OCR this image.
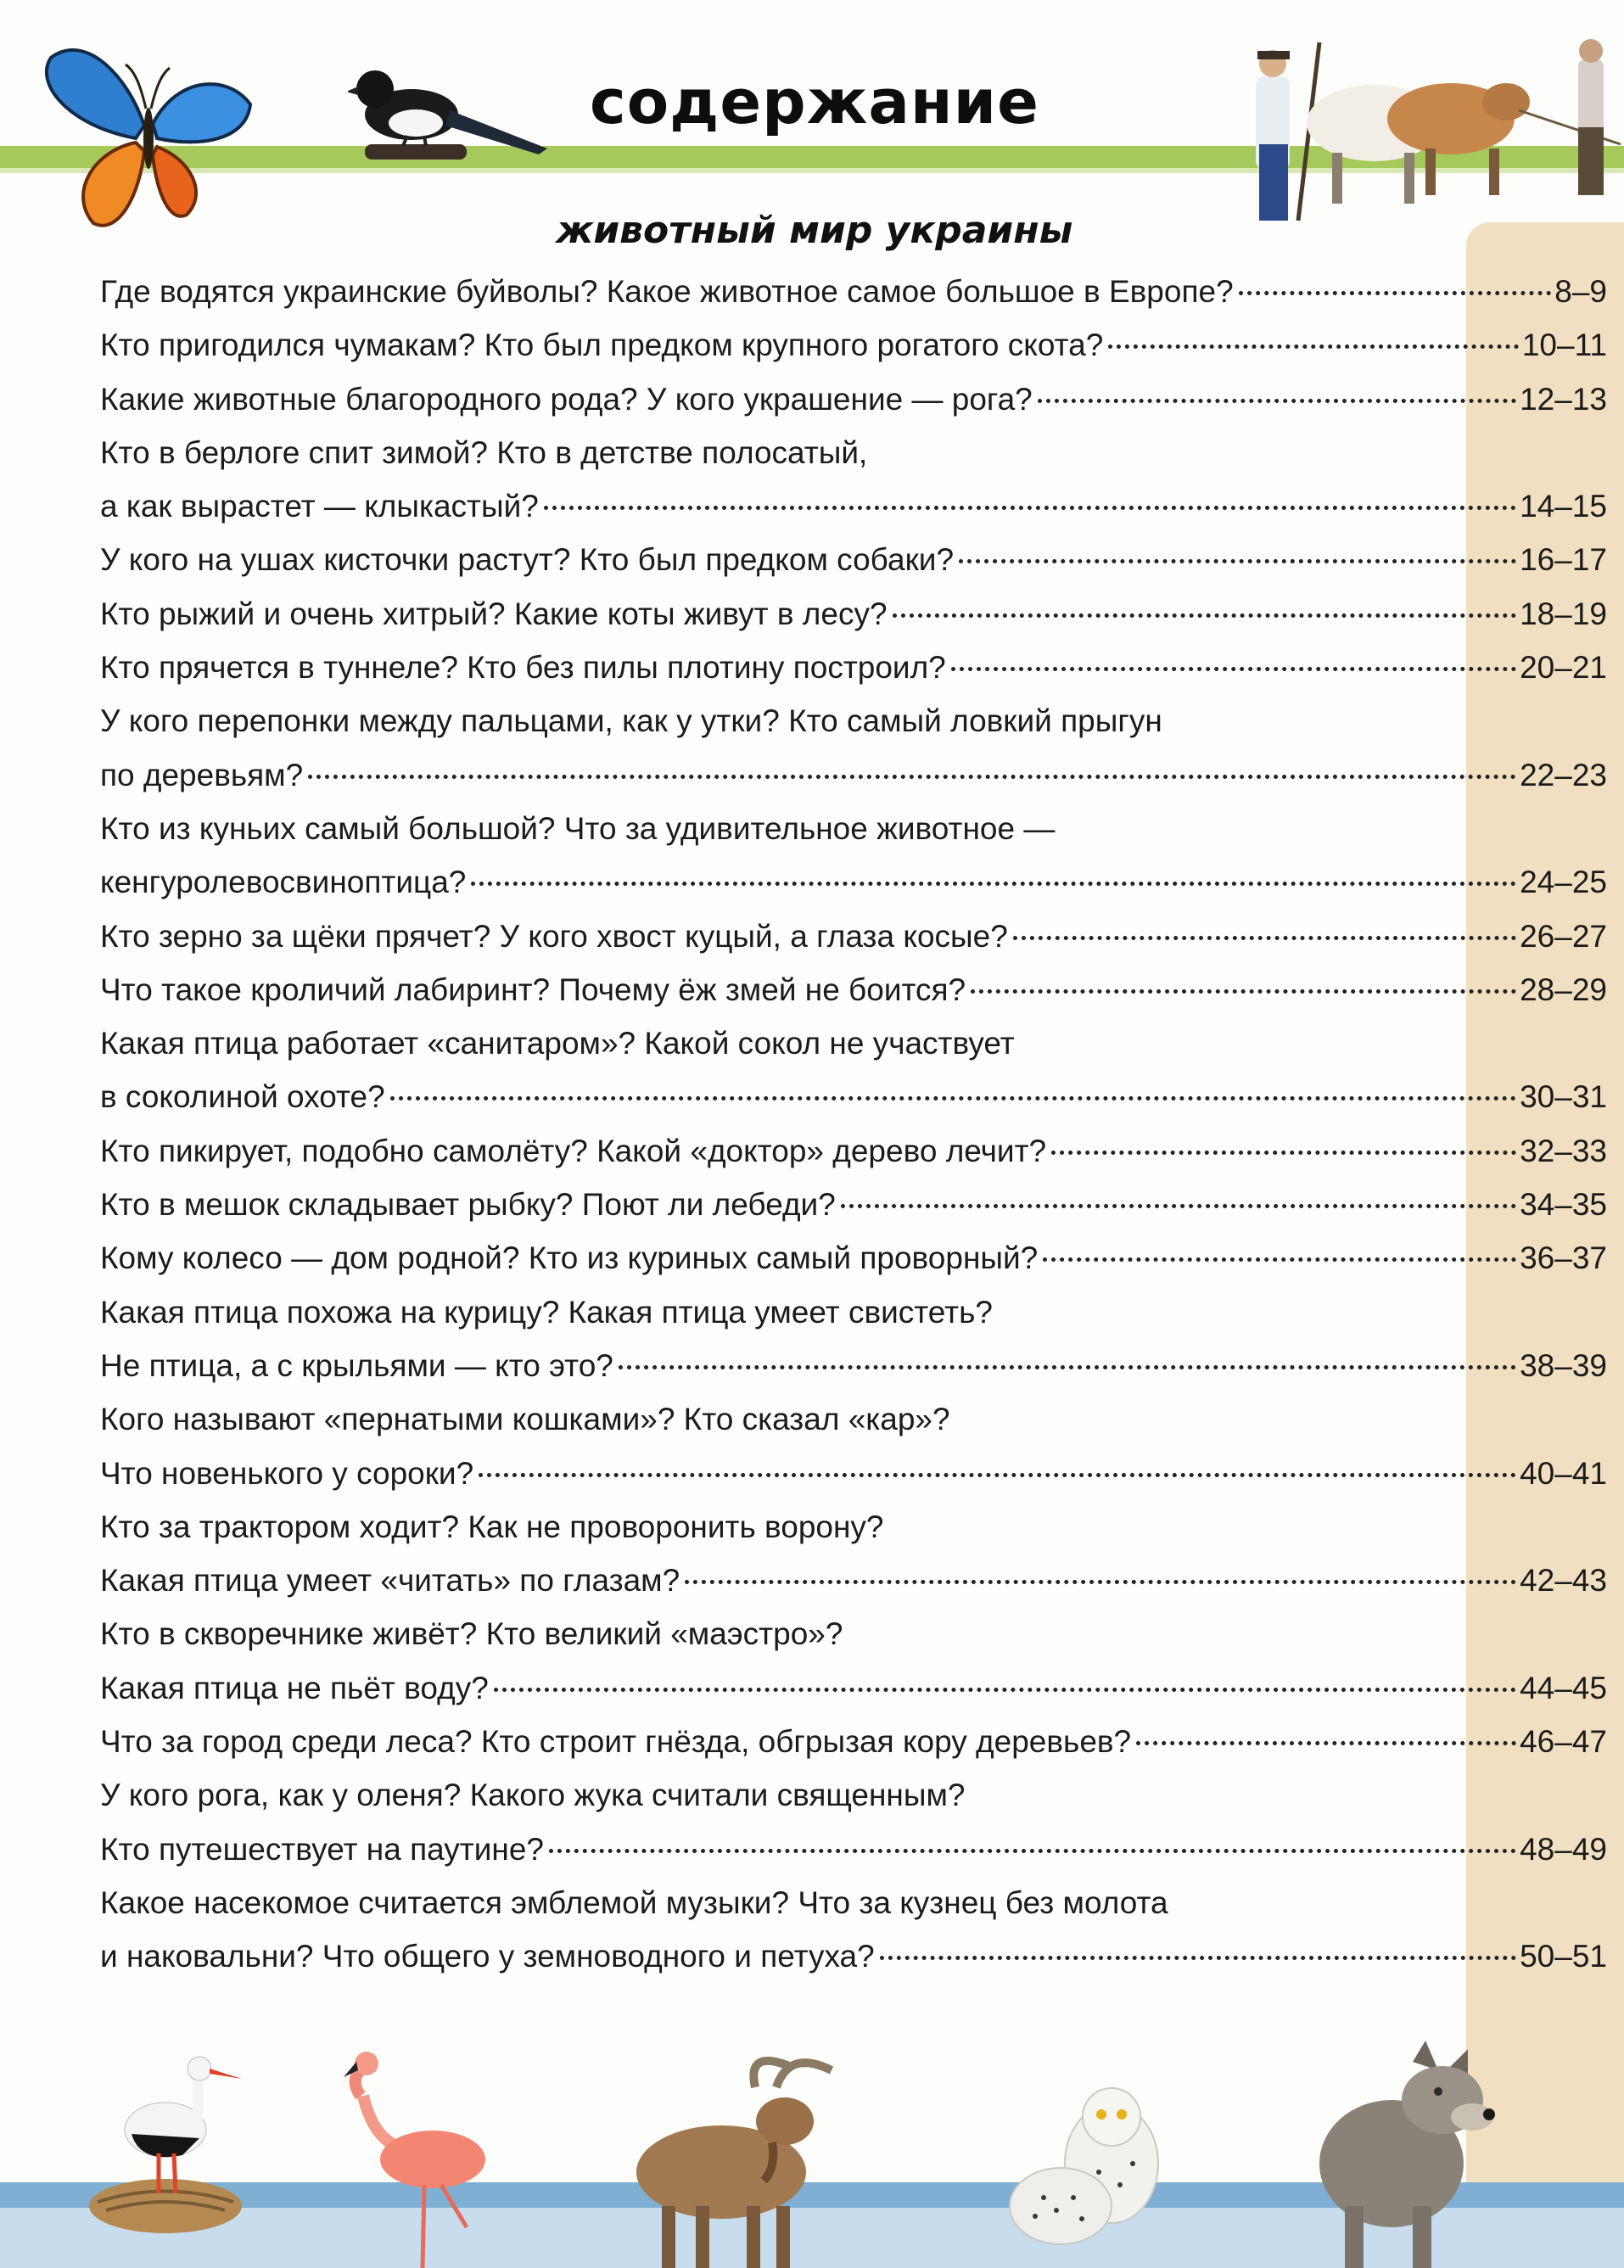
содержание
животный мир украины
Где водятся украинские буйволы? Какое животное самое большое в Европе?	8–9
Кто пригодился чумакам? Кто был предком крупного рогатого скота?	10–11
Какие животные благородного рода? У кого украшение — рога?	12–13
Кто в берлоге спит зимой? Кто в детстве полосатый,
а как вырастет — клыкастый?	14–15
У кого на ушах кисточки растут? Кто был предком собаки?	16–17
Кто рыжий и очень хитрый? Какие коты живут в лесу?	18–19
Кто прячется в туннеле? Кто без пилы плотину построил?	20–21
У кого перепонки между пальцами, как у утки? Кто самый ловкий прыгун
по деревьям?	22–23
Кто из куньих самый большой? Что за удивительное животное —
кенгуролевосвиноптица?	24–25
Кто зерно за щёки прячет? У кого хвост куцый, а глаза косые?	26–27
Что такое кроличий лабиринт? Почему ёж змей не боится?	28–29
Какая птица работает «санитаром»? Какой сокол не участвует
в соколиной охоте?	30–31
Кто пикирует, подобно самолёту? Какой «доктор» дерево лечит?	32–33
Кто в мешок складывает рыбку? Поют ли лебеди?	34–35
Кому колесо — дом родной? Кто из куриных самый проворный?	36–37
Какая птица похожа на курицу? Какая птица умеет свистеть?
Не птица, а с крыльями — кто это?	38–39
Кого называют «пернатыми кошками»? Кто сказал «кар»?
Что новенького у сороки?	40–41
Кто за трактором ходит? Как не проворонить ворону?
Какая птица умеет «читать» по глазам?	42–43
Кто в скворечнике живёт? Кто великий «маэстро»?
Какая птица не пьёт воду?	44–45
Что за город среди леса? Кто строит гнёзда, обгрызая кору деревьев?	46–47
У кого рога, как у оленя? Какого жука считали священным?
Кто путешествует на паутине?	48–49
Какое насекомое считается эмблемой музыки? Что за кузнец без молота
и наковальни? Что общего у земноводного и петуха?	50–51
